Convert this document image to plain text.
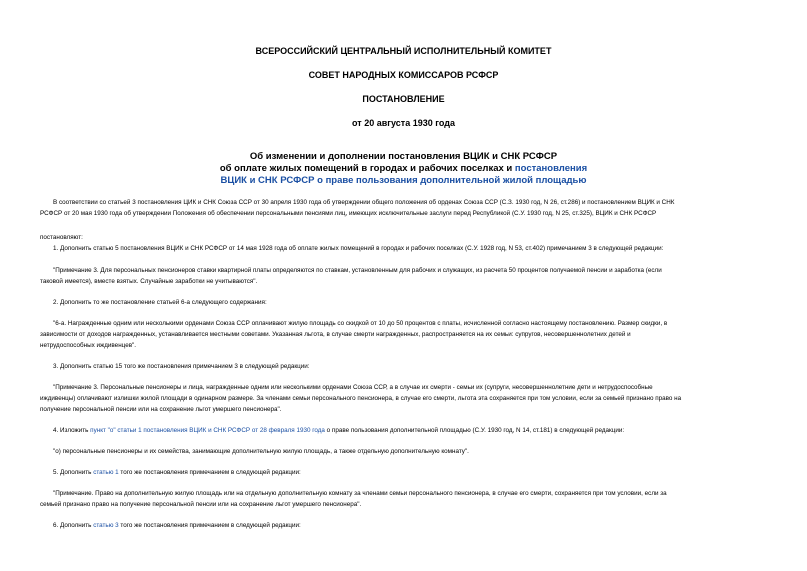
ВСЕРОССИЙСКИЙ ЦЕНТРАЛЬНЫЙ ИСПОЛНИТЕЛЬНЫЙ КОМИТЕТ
СОВЕТ НАРОДНЫХ КОМИССАРОВ РСФСР
ПОСТАНОВЛЕНИЕ
от 20 августа 1930 года
Об изменении и дополнении постановления ВЦИК и СНК РСФСР
об оплате жилых помещений в городах и рабочих поселках и постановления
ВЦИК и СНК РСФСР о праве пользования дополнительной жилой площадью
В соответствии со статьей 3 постановления ЦИК и СНК Союза ССР от 30 апреля 1930 года об утверждении общего положения об орденах Союза ССР (С.З. 1930 год, N 26, ст.286) и постановлением ВЦИК и СНК
РСФСР от 20 мая 1930 года об утверждении Положения об обеспечении персональными пенсиями лиц, имеющих исключительные заслуги перед Республикой (С.У. 1930 год, N 25, ст.325), ВЦИК и СНК РСФСР
постановляют:
1. Дополнить статью 5 постановления ВЦИК и СНК РСФСР от 14 мая 1928 года об оплате жилых помещений в городах и рабочих поселках (С.У. 1928 год, N 53, ст.402) примечанием 3 в следующей редакции:
"Примечание 3. Для персональных пенсионеров ставки квартирной платы определяются по ставкам, установленным для рабочих и служащих, из расчета 50 процентов получаемой пенсии и заработка (если
таковой имеется), вместе взятых. Случайные заработки не учитываются".
2. Дополнить то же постановление статьей 6-а следующего содержания:
"6-а. Награжденные одним или несколькими орденами Союза ССР оплачивают жилую площадь со скидкой от 10 до 50 процентов с платы, исчисленной согласно настоящему постановлению. Размер скидки, в
зависимости от доходов награжденных, устанавливается местными советами. Указанная льгота, в случае смерти награжденных, распространяется на их семьи: супругов, несовершеннолетних детей и
нетрудоспособных иждивенцев".
3. Дополнить статью 15 того же постановления примечанием 3 в следующей редакции:
"Примечание 3. Персональные пенсионеры и лица, награжденные одним или несколькими орденами Союза ССР, а в случае их смерти - семьи их (супруги, несовершеннолетние дети и нетрудоспособные
иждивенцы) оплачивают излишки жилой площади в одинарном размере. За членами семьи персонального пенсионера, в случае его смерти, льгота эта сохраняется при том условии, если за семьей признано право на
получение персональной пенсии или на сохранение льгот умершего пенсионера".
4. Изложить пункт "о" статьи 1 постановления ВЦИК и СНК РСФСР от 28 февраля 1930 года о праве пользования дополнительной площадью (С.У. 1930 год, N 14, ст.181) в следующей редакции:
"о) персональные пенсионеры и их семейства, занимающие дополнительную жилую площадь, а также отдельную дополнительную комнату".
5. Дополнить статью 1 того же постановления примечанием в следующей редакции:
"Примечание. Право на дополнительную жилую площадь или на отдельную дополнительную комнату за членами семьи персонального пенсионера, в случае его смерти, сохраняется при том условии, если за
семьей признано право на получение персональной пенсии или на сохранение льгот умершего пенсионера".
6. Дополнить статью 3 того же постановления примечанием в следующей редакции:
